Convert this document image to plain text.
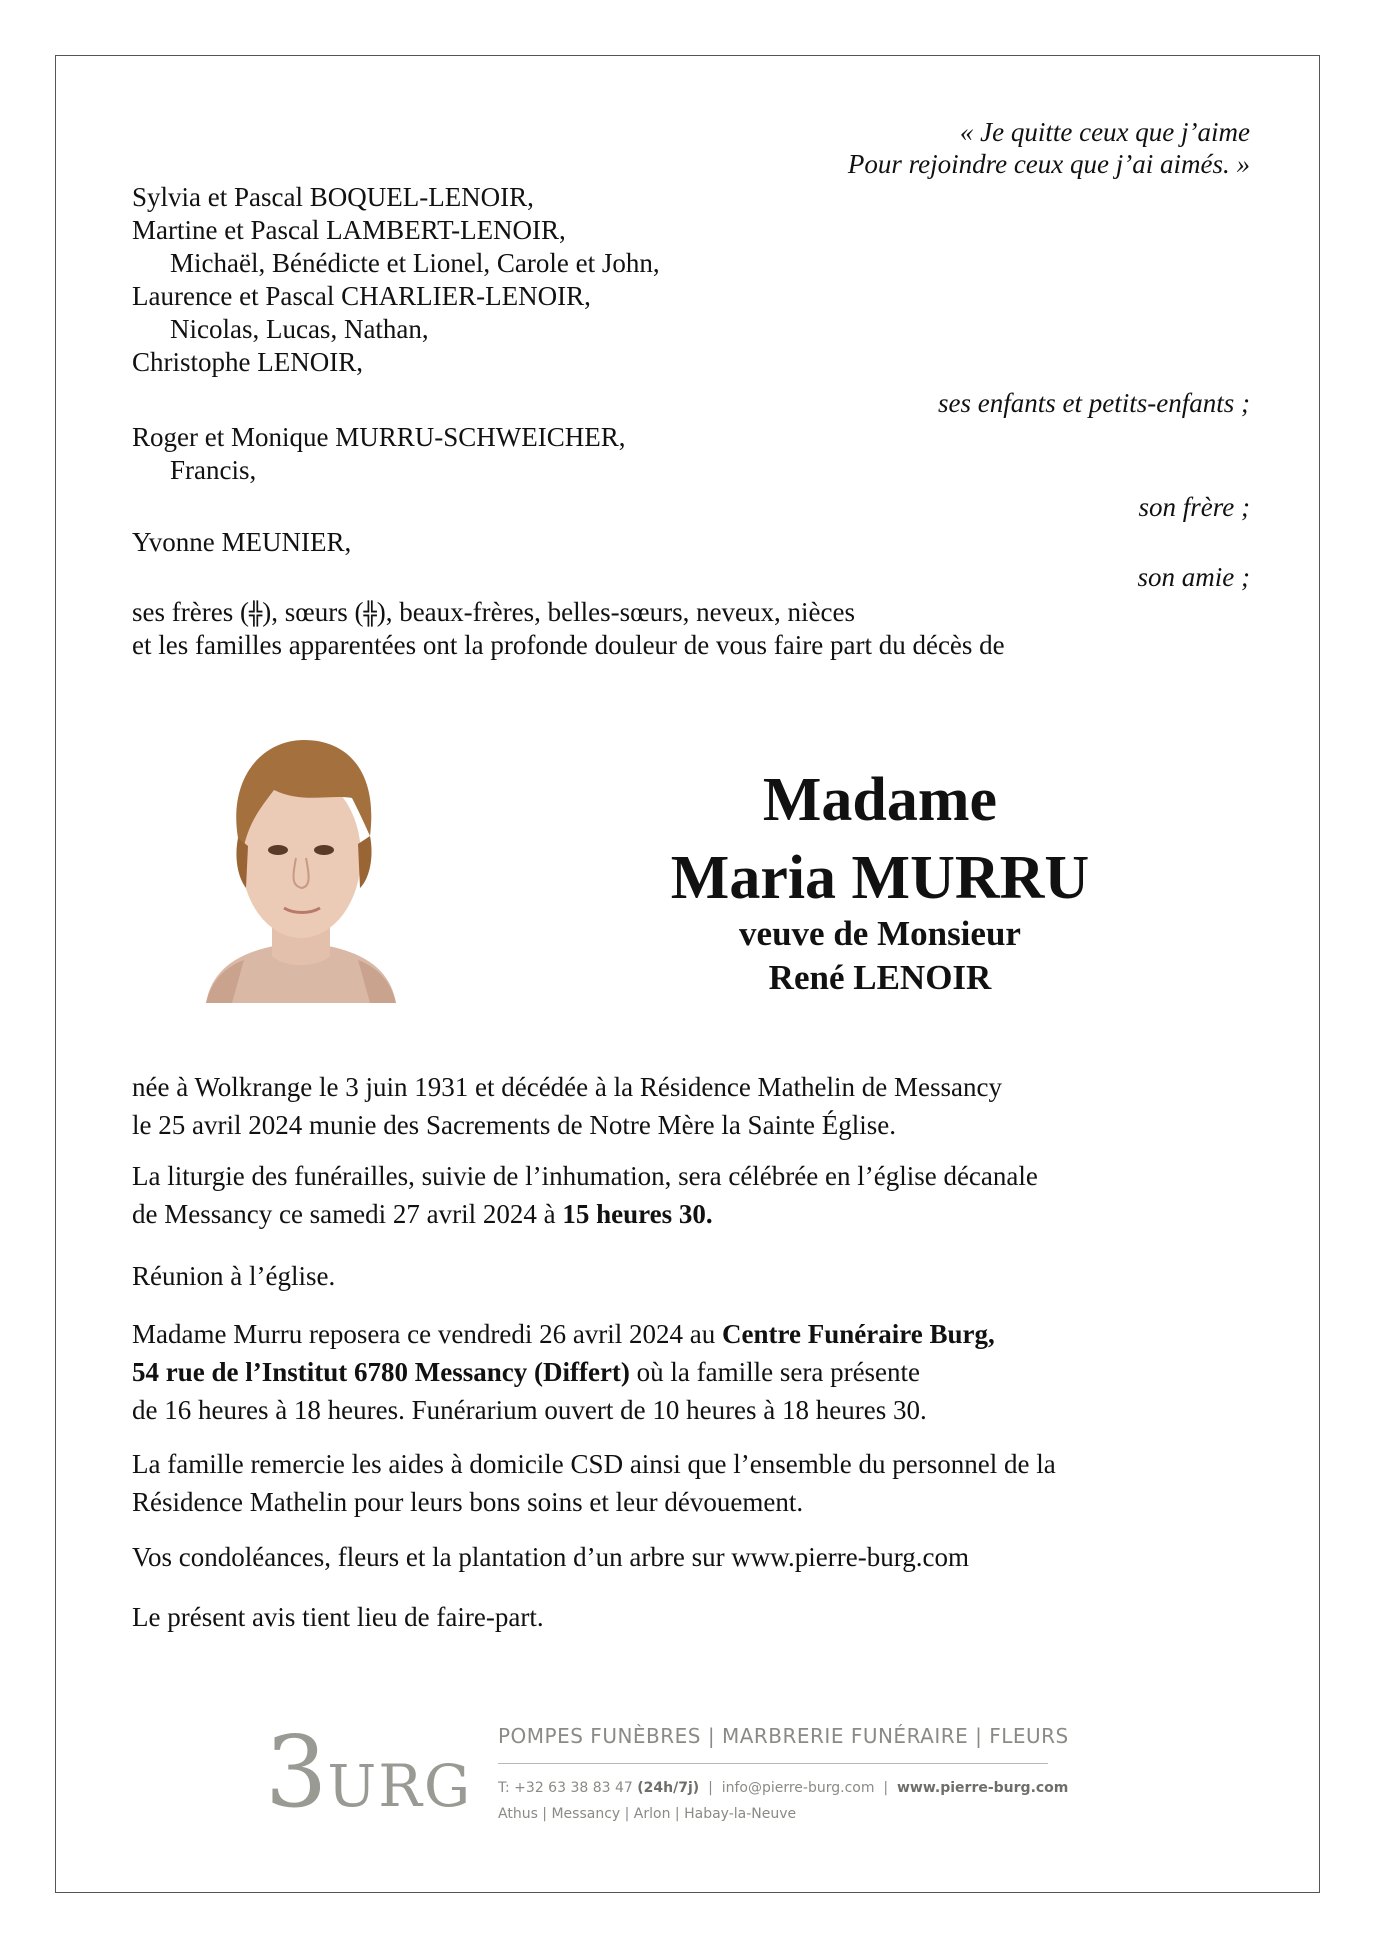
« Je quitte ceux que j’aime
Pour rejoindre ceux que j’ai aimés. »
Sylvia et Pascal BOQUEL-LENOIR,
Martine et Pascal LAMBERT-LENOIR,
Michaël, Bénédicte et Lionel, Carole et John,
Laurence et Pascal CHARLIER-LENOIR,
Nicolas, Lucas, Nathan,
Christophe LENOIR,
ses enfants et petits-enfants ;
Roger et Monique MURRU-SCHWEICHER,
Francis,
son frère ;
Yvonne MEUNIER,
son amie ;
ses frères (╬), sœurs (╬), beaux-frères, belles-sœurs, neveux, nièces
et les familles apparentées ont la profonde douleur de vous faire part du décès de
Madame
Maria MURRU
veuve de Monsieur
René LENOIR
née à Wolkrange le 3 juin 1931 et décédée à la Résidence Mathelin de Messancy
le 25 avril 2024 munie des Sacrements de Notre Mère la Sainte Église.
La liturgie des funérailles, suivie de l’inhumation, sera célébrée en l’église décanale
de Messancy ce samedi 27 avril 2024 à 15 heures 30.
Réunion à l’église.
Madame Murru reposera ce vendredi 26 avril 2024 au Centre Funéraire Burg,
54 rue de l’Institut 6780 Messancy (Differt) où la famille sera présente
de 16 heures à 18 heures. Funérarium ouvert de 10 heures à 18 heures 30.
La famille remercie les aides à domicile CSD ainsi que l’ensemble du personnel de la
Résidence Mathelin pour leurs bons soins et leur dévouement.
Vos condoléances, fleurs et la plantation d’un arbre sur www.pierre-burg.com
Le présent avis tient lieu de faire-part.
3URG
POMPES FUNÈBRES | MARBRERIE FUNÉRAIRE | FLEURS
T: +32 63 38 83 47 (24h/7j) | info@pierre-burg.com | www.pierre-burg.com
Athus | Messancy | Arlon | Habay-la-Neuve
